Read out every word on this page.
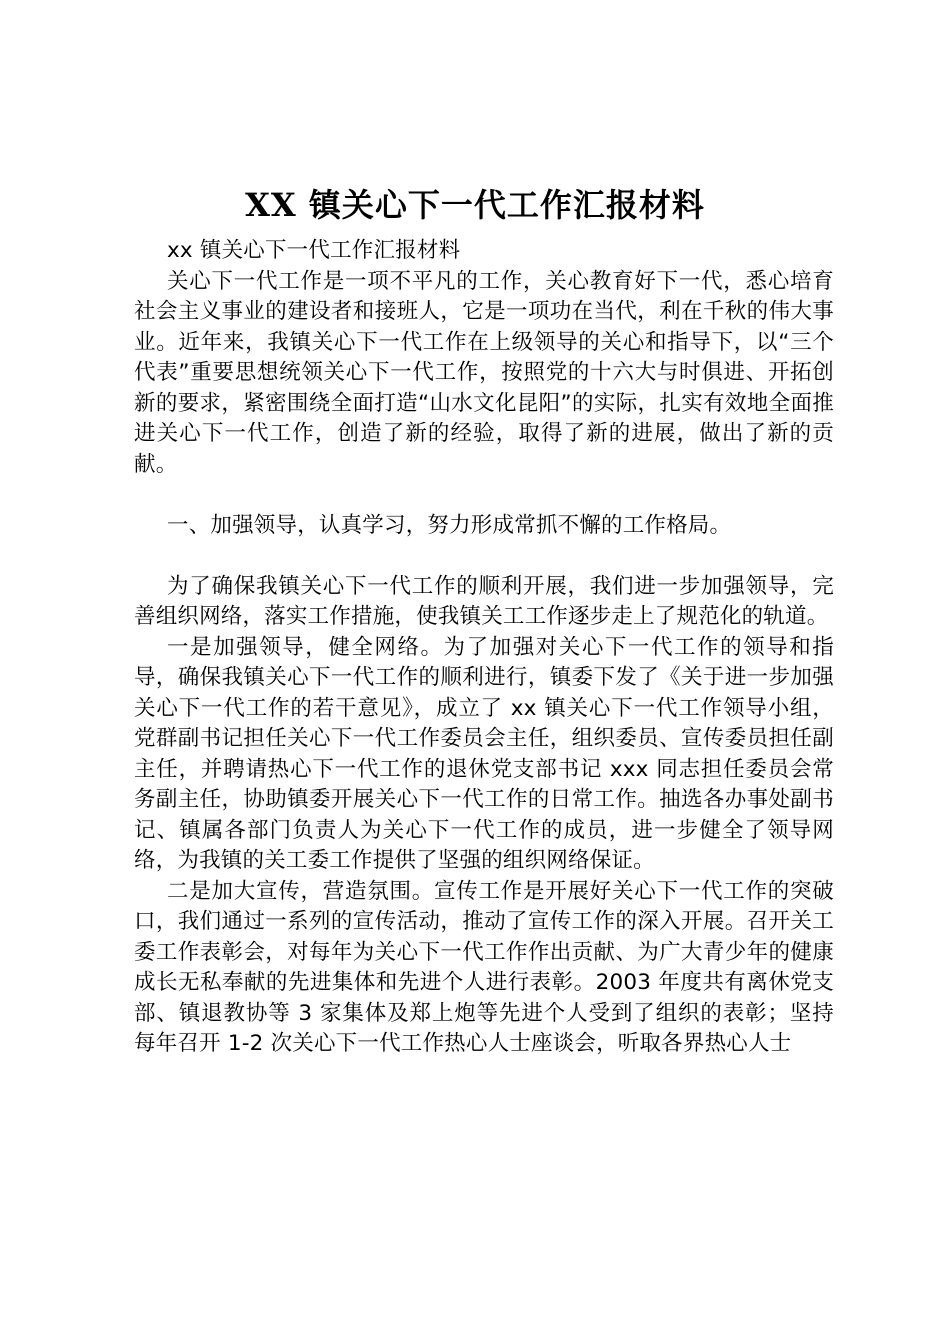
XX 镇关心下一代工作汇报材料

xx 镇关心下一代工作汇报材料

关心下一代工作是一项不平凡的工作，关心教育好下一代，悉心培育社会主义事业的建设者和接班人，它是一项功在当代，利在千秋的伟大事业。近年来，我镇关心下一代工作在上级领导的关心和指导下，以“三个代表”重要思想统领关心下一代工作，按照党的十六大与时俱进、开拓创新的要求，紧密围绕全面打造“山水文化昆阳”的实际，扎实有效地全面推进关心下一代工作，创造了新的经验，取得了新的进展，做出了新的贡献。

一、加强领导，认真学习，努力形成常抓不懈的工作格局。

为了确保我镇关心下一代工作的顺利开展，我们进一步加强领导，完善组织网络，落实工作措施，使我镇关工工作逐步走上了规范化的轨道。

一是加强领导，健全网络。为了加强对关心下一代工作的领导和指导，确保我镇关心下一代工作的顺利进行，镇委下发了《关于进一步加强关心下一代工作的若干意见》，成立了 xx 镇关心下一代工作领导小组，党群副书记担任关心下一代工作委员会主任，组织委员、宣传委员担任副主任，并聘请热心下一代工作的退休党支部书记 xxx 同志担任委员会常务副主任，协助镇委开展关心下一代工作的日常工作。抽选各办事处副书记、镇属各部门负责人为关心下一代工作的成员，进一步健全了领导网络，为我镇的关工委工作提供了坚强的组织网络保证。

二是加大宣传，营造氛围。宣传工作是开展好关心下一代工作的突破口，我们通过一系列的宣传活动，推动了宣传工作的深入开展。召开关工委工作表彰会，对每年为关心下一代工作作出贡献、为广大青少年的健康成长无私奉献的先进集体和先进个人进行表彰。2003 年度共有离休党支部、镇退教协等 3 家集体及郑上炮等先进个人受到了组织的表彰；坚持每年召开 1-2 次关心下一代工作热心人士座谈会，听取各界热心人士
